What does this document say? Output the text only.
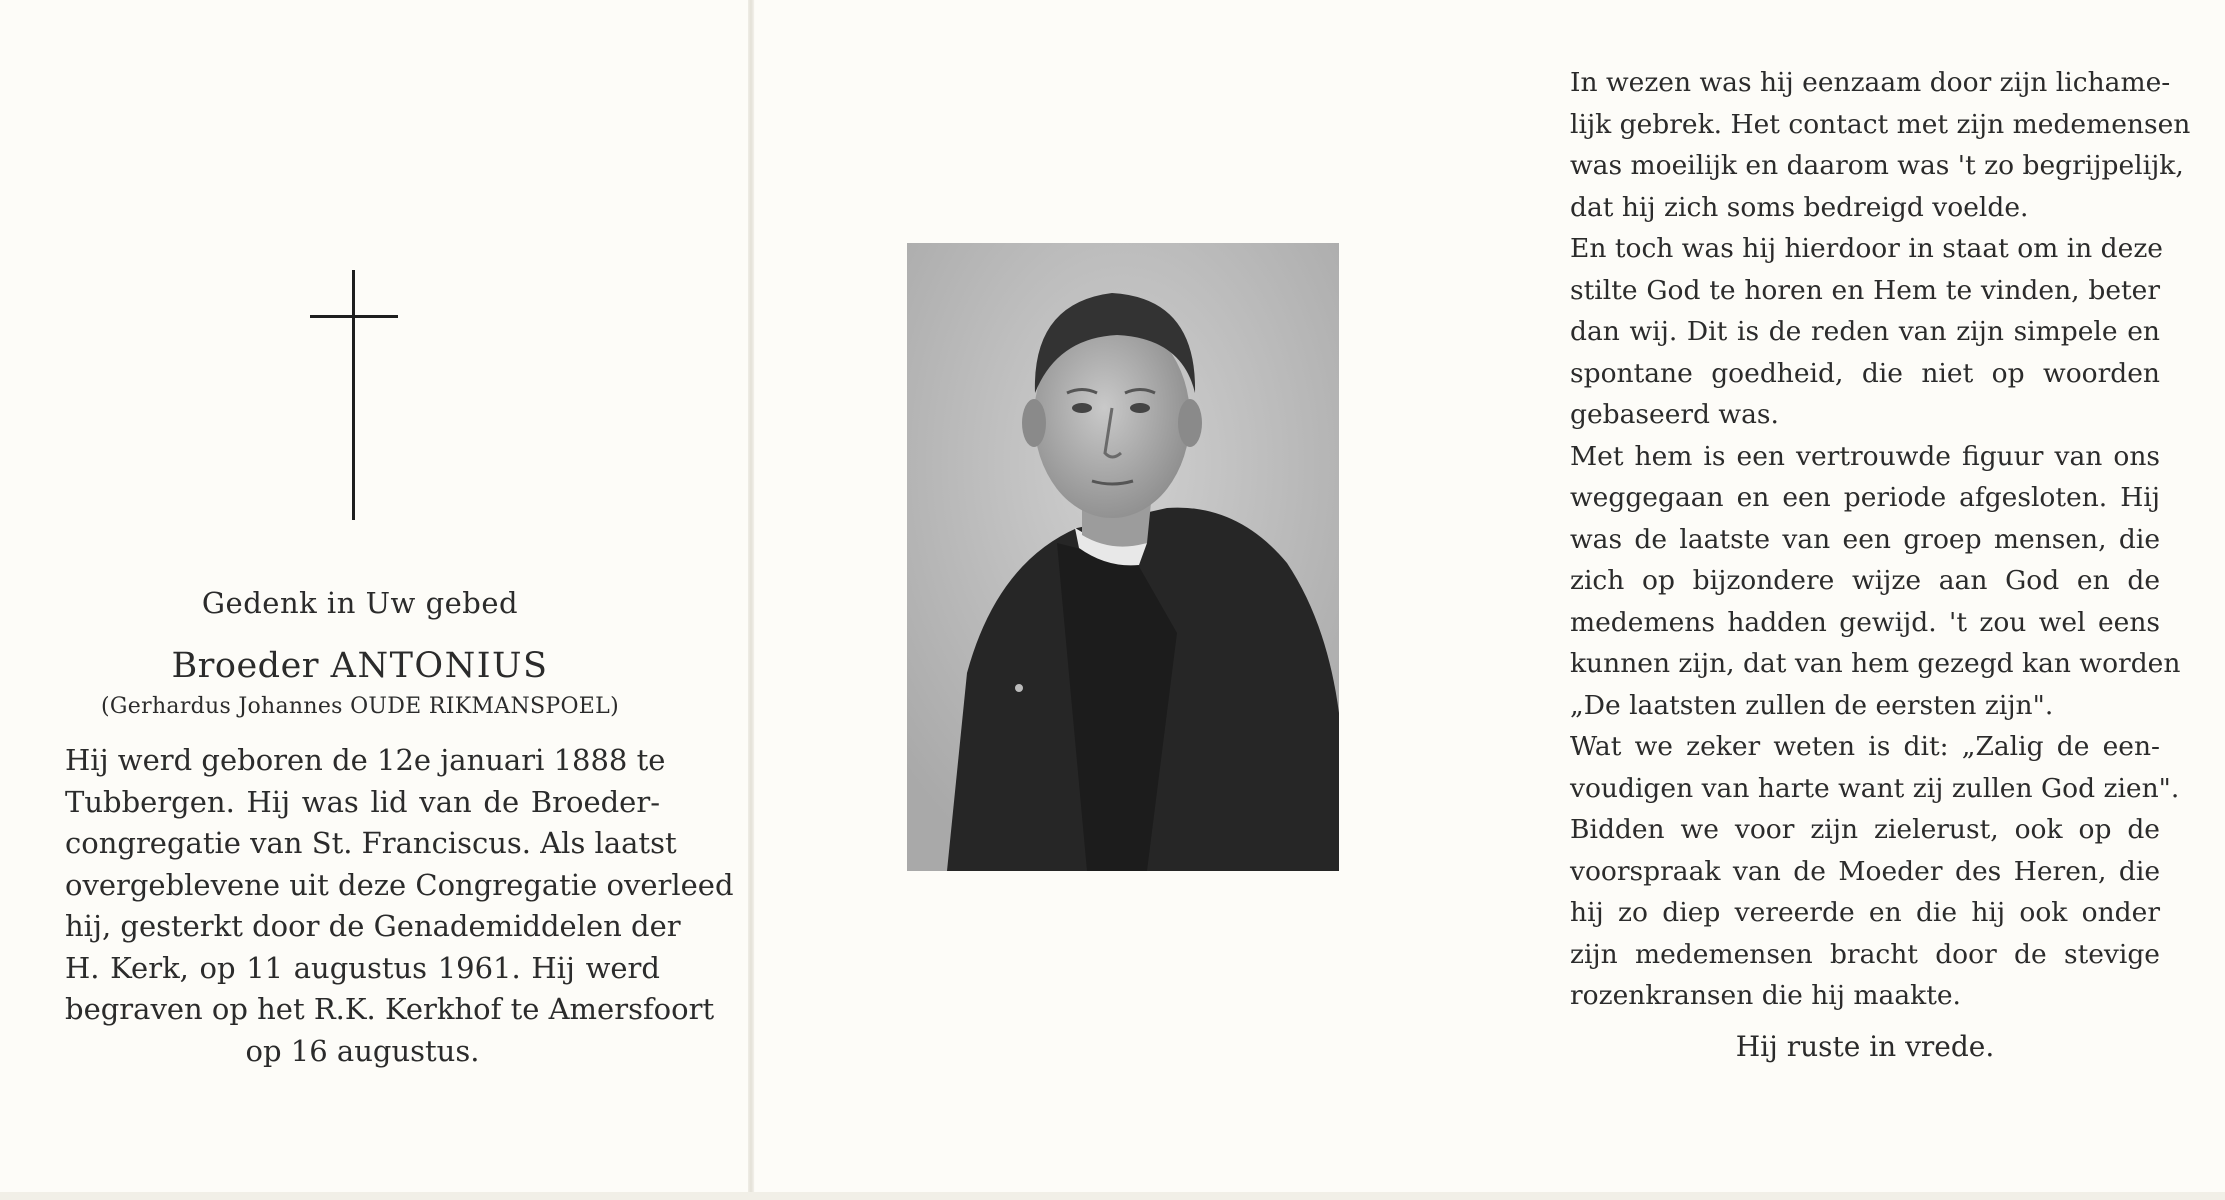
Gedenk in Uw gebed
Broeder ANTONIUS
(Gerhardus Johannes OUDE RIKMANSPOEL)
Hij werd geboren de 12e januari 1888 te
Tubbergen. Hij was lid van de Broeder-
congregatie van St. Franciscus. Als laatst
overgeblevene uit deze Congregatie overleed
hij, gesterkt door de Genademiddelen der
H. Kerk, op 11 augustus 1961. Hij werd
begraven op het R.K. Kerkhof te Amersfoort
op 16 augustus.
In wezen was hij eenzaam door zijn lichame-
lijk gebrek. Het contact met zijn medemensen
was moeilijk en daarom was 't zo begrijpelijk,
dat hij zich soms bedreigd voelde.
En toch was hij hierdoor in staat om in deze
stilte God te horen en Hem te vinden, beter
dan wij. Dit is de reden van zijn simpele en
spontane goedheid, die niet op woorden
gebaseerd was.
Met hem is een vertrouwde figuur van ons
weggegaan en een periode afgesloten. Hij
was de laatste van een groep mensen, die
zich op bijzondere wijze aan God en de
medemens hadden gewijd. 't zou wel eens
kunnen zijn, dat van hem gezegd kan worden
„De laatsten zullen de eersten zijn".
Wat we zeker weten is dit: „Zalig de een-
voudigen van harte want zij zullen God zien".
Bidden we voor zijn zielerust, ook op de
voorspraak van de Moeder des Heren, die
hij zo diep vereerde en die hij ook onder
zijn medemensen bracht door de stevige
rozenkransen die hij maakte.
Hij ruste in vrede.
